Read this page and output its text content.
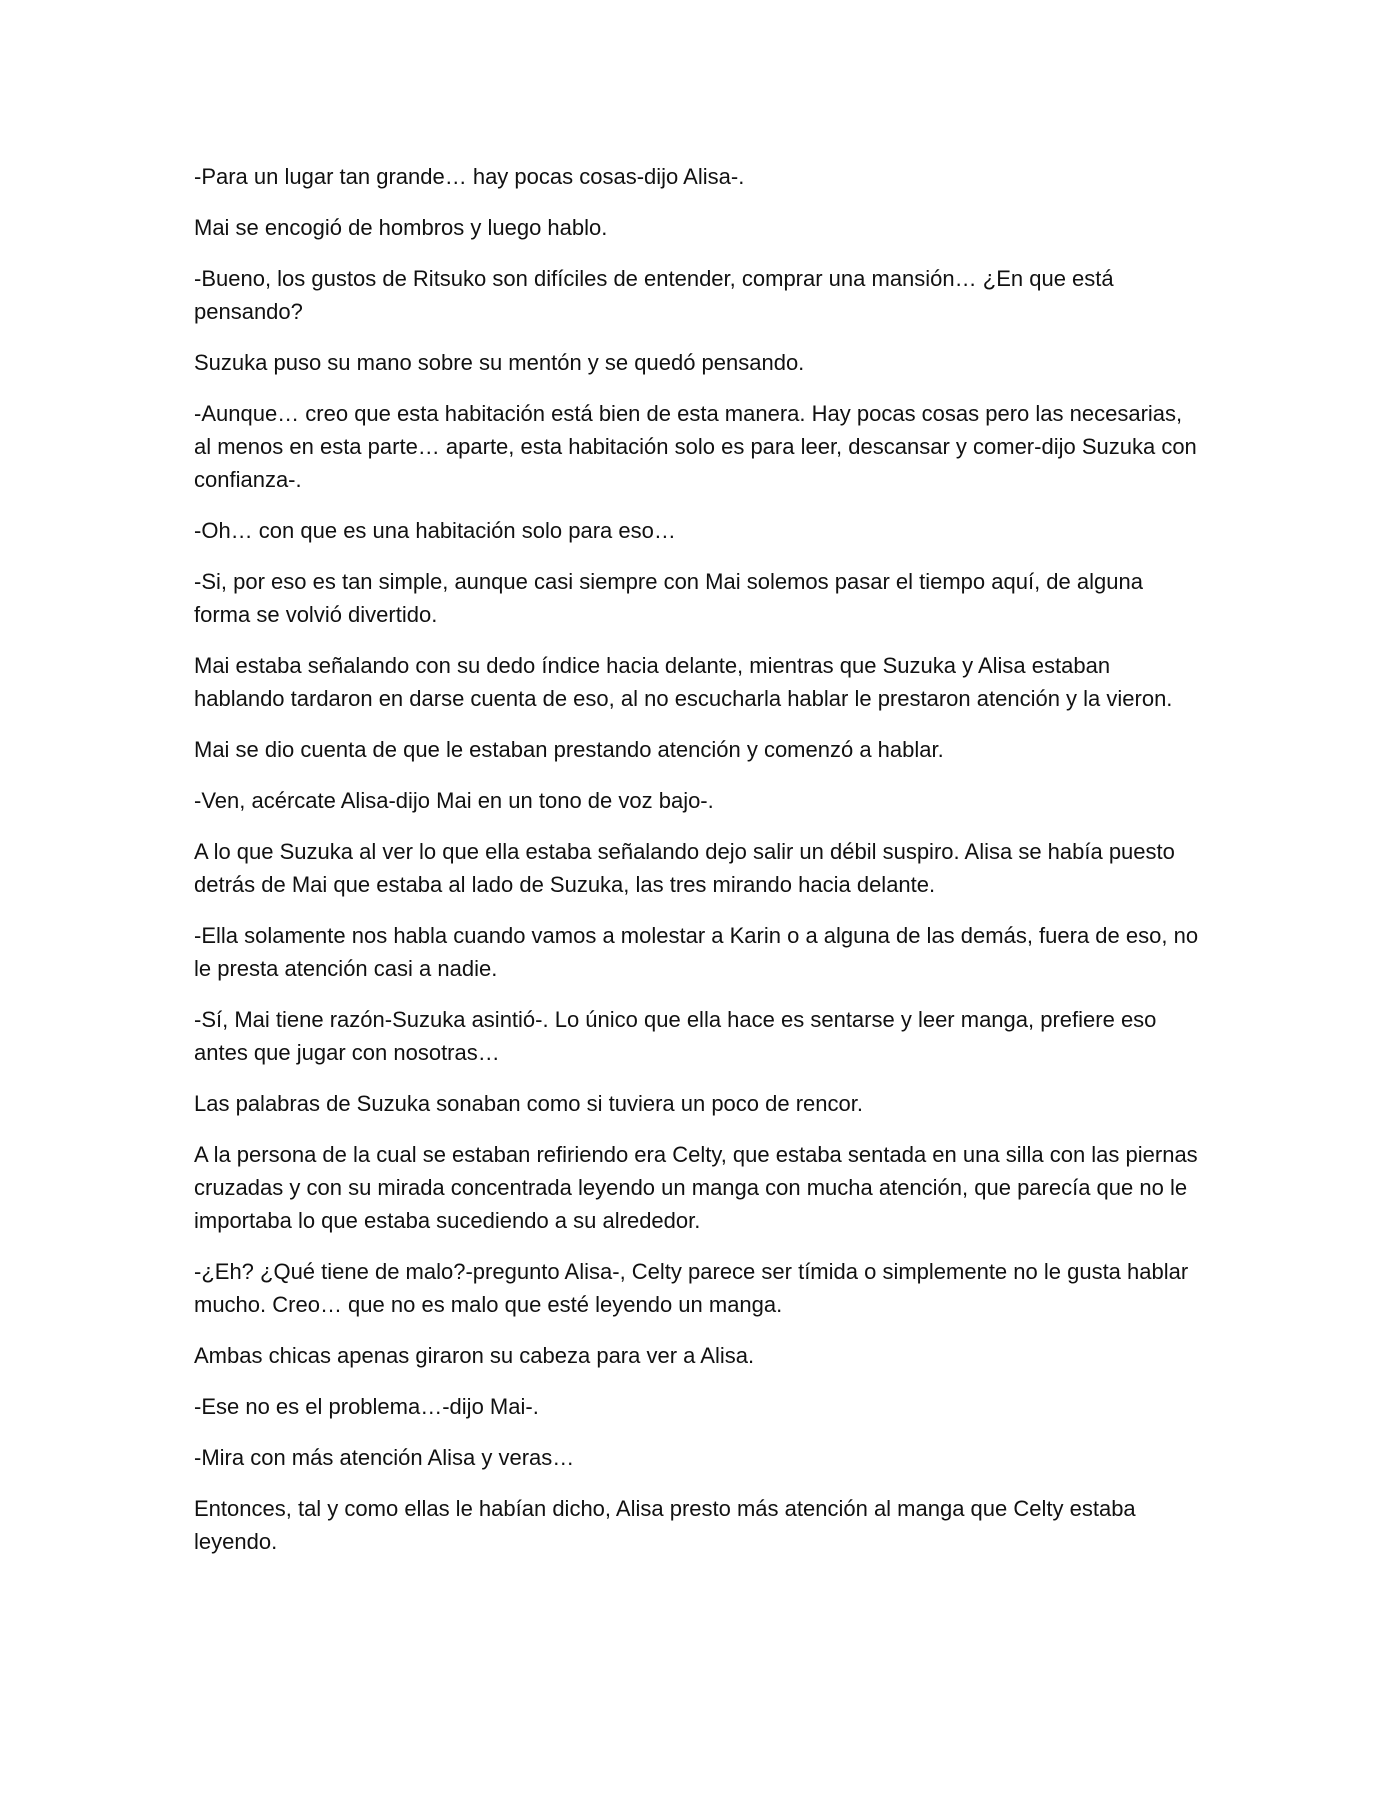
-Para un lugar tan grande… hay pocas cosas-dijo Alisa-.

Mai se encogió de hombros y luego hablo.

-Bueno, los gustos de Ritsuko son difíciles de entender, comprar una mansión… ¿En que está pensando?

Suzuka puso su mano sobre su mentón y se quedó pensando.

-Aunque… creo que esta habitación está bien de esta manera. Hay pocas cosas pero las necesarias, al menos en esta parte… aparte, esta habitación solo es para leer, descansar y comer-dijo Suzuka con confianza-.

-Oh… con que es una habitación solo para eso…

-Si, por eso es tan simple, aunque casi siempre con Mai solemos pasar el tiempo aquí, de alguna forma se volvió divertido.

Mai estaba señalando con su dedo índice hacia delante, mientras que Suzuka y Alisa estaban hablando tardaron en darse cuenta de eso, al no escucharla hablar le prestaron atención y la vieron.

Mai se dio cuenta de que le estaban prestando atención y comenzó a hablar.

-Ven, acércate Alisa-dijo Mai en un tono de voz bajo-.

A lo que Suzuka al ver lo que ella estaba señalando dejo salir un débil suspiro. Alisa se había puesto detrás de Mai que estaba al lado de Suzuka, las tres mirando hacia delante.

-Ella solamente nos habla cuando vamos a molestar a Karin o a alguna de las demás, fuera de eso, no le presta atención casi a nadie.

-Sí, Mai tiene razón-Suzuka asintió-. Lo único que ella hace es sentarse y leer manga, prefiere eso antes que jugar con nosotras…

Las palabras de Suzuka sonaban como si tuviera un poco de rencor.

A la persona de la cual se estaban refiriendo era Celty, que estaba sentada en una silla con las piernas cruzadas y con su mirada concentrada leyendo un manga con mucha atención, que parecía que no le importaba lo que estaba sucediendo a su alrededor.

-¿Eh? ¿Qué tiene de malo?-pregunto Alisa-, Celty parece ser tímida o simplemente no le gusta hablar mucho. Creo… que no es malo que esté leyendo un manga.

Ambas chicas apenas giraron su cabeza para ver a Alisa.

-Ese no es el problema…-dijo Mai-.

-Mira con más atención Alisa y veras…

Entonces, tal y como ellas le habían dicho, Alisa presto más atención al manga que Celty estaba leyendo.
